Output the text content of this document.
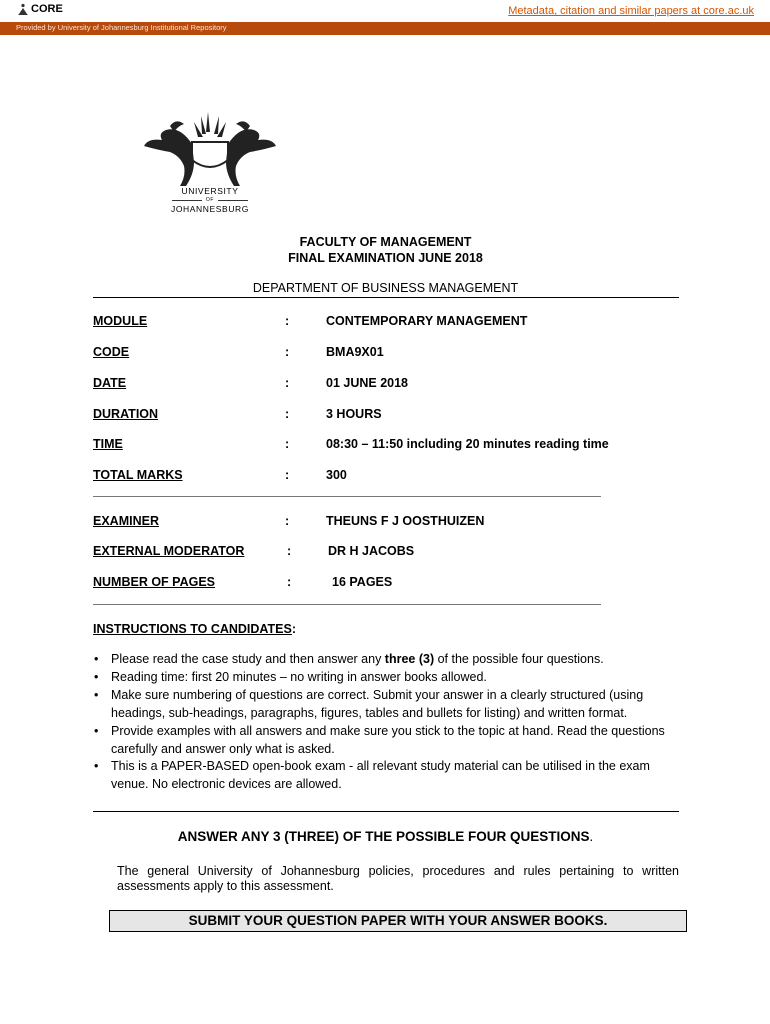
CORE	Metadata, citation and similar papers at core.ac.uk
Provided by University of Johannesburg Institutional Repository
UNIVERSITY
OF
JOHANNESBURG
FACULTY OF MANAGEMENT
FINAL EXAMINATION JUNE 2018
DEPARTMENT OF BUSINESS MANAGEMENT
MODULE	:	CONTEMPORARY MANAGEMENT
CODE	:	BMA9X01
DATE	:	01 JUNE 2018
DURATION	:	3 HOURS
TIME	:	08:30 – 11:50 including 20 minutes reading time
TOTAL MARKS	:	300
EXAMINER	:	THEUNS F J OOSTHUIZEN
EXTERNAL MODERATOR	:	DR H JACOBS
NUMBER OF PAGES	:	16 PAGES
INSTRUCTIONS TO CANDIDATES:
• Please read the case study and then answer any three (3) of the possible four questions.
• Reading time: first 20 minutes – no writing in answer books allowed.
• Make sure numbering of questions are correct. Submit your answer in a clearly structured (using headings, sub-headings, paragraphs, figures, tables and bullets for listing) and written format.
• Provide examples with all answers and make sure you stick to the topic at hand. Read the questions carefully and answer only what is asked.
• This is a PAPER-BASED open-book exam - all relevant study material can be utilised in the exam venue. No electronic devices are allowed.
ANSWER ANY 3 (THREE) OF THE POSSIBLE FOUR QUESTIONS.
The general University of Johannesburg policies, procedures and rules pertaining to written assessments apply to this assessment.
SUBMIT YOUR QUESTION PAPER WITH YOUR ANSWER BOOKS.
